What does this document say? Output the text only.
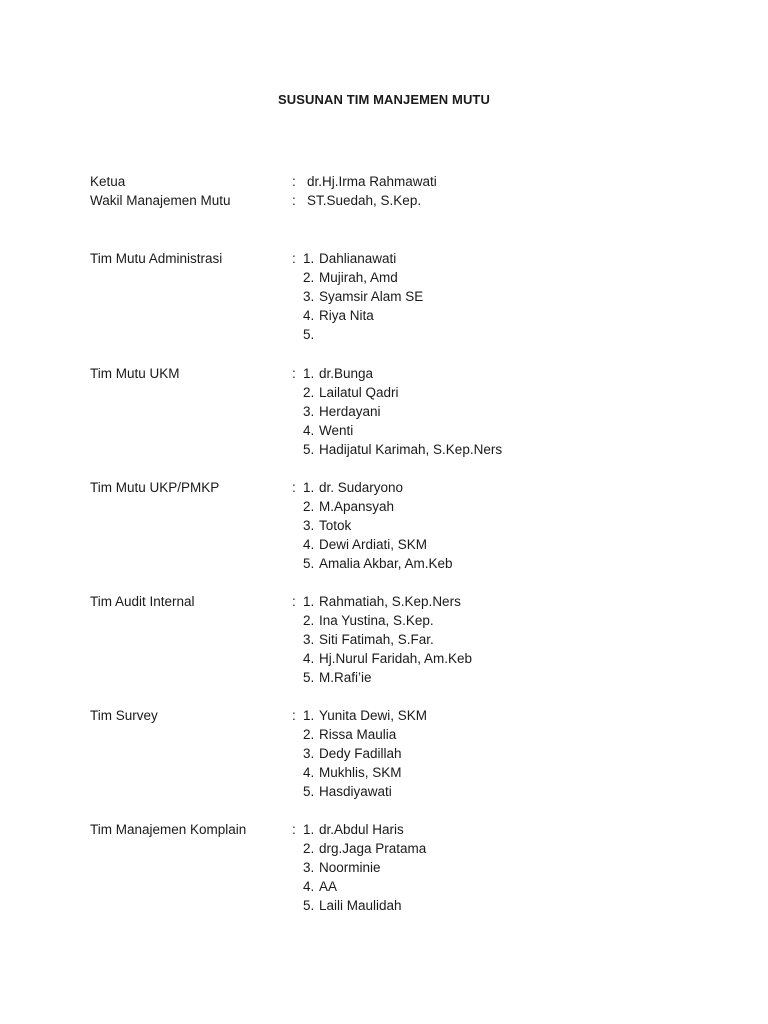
SUSUNAN TIM MANJEMEN MUTU
Ketua	: dr.Hj.Irma Rahmawati
Wakil Manajemen Mutu	: ST.Suedah, S.Kep.
Tim Mutu Administrasi	: 1. Dahlianawati
2. Mujirah, Amd
3. Syamsir Alam SE
4. Riya Nita
5.
Tim Mutu UKM	: 1. dr.Bunga
2. Lailatul Qadri
3. Herdayani
4. Wenti
5. Hadijatul Karimah, S.Kep.Ners
Tim Mutu UKP/PMKP	: 1. dr. Sudaryono
2. M.Apansyah
3. Totok
4. Dewi Ardiati, SKM
5. Amalia Akbar, Am.Keb
Tim Audit Internal	: 1. Rahmatiah, S.Kep.Ners
2. Ina Yustina, S.Kep.
3. Siti Fatimah, S.Far.
4. Hj.Nurul Faridah, Am.Keb
5. M.Rafi’ie
Tim Survey	: 1. Yunita Dewi, SKM
2. Rissa Maulia
3. Dedy Fadillah
4. Mukhlis, SKM
5. Hasdiyawati
Tim Manajemen Komplain	: 1. dr.Abdul Haris
2. drg.Jaga Pratama
3. Noorminie
4. AA
5. Laili Maulidah
